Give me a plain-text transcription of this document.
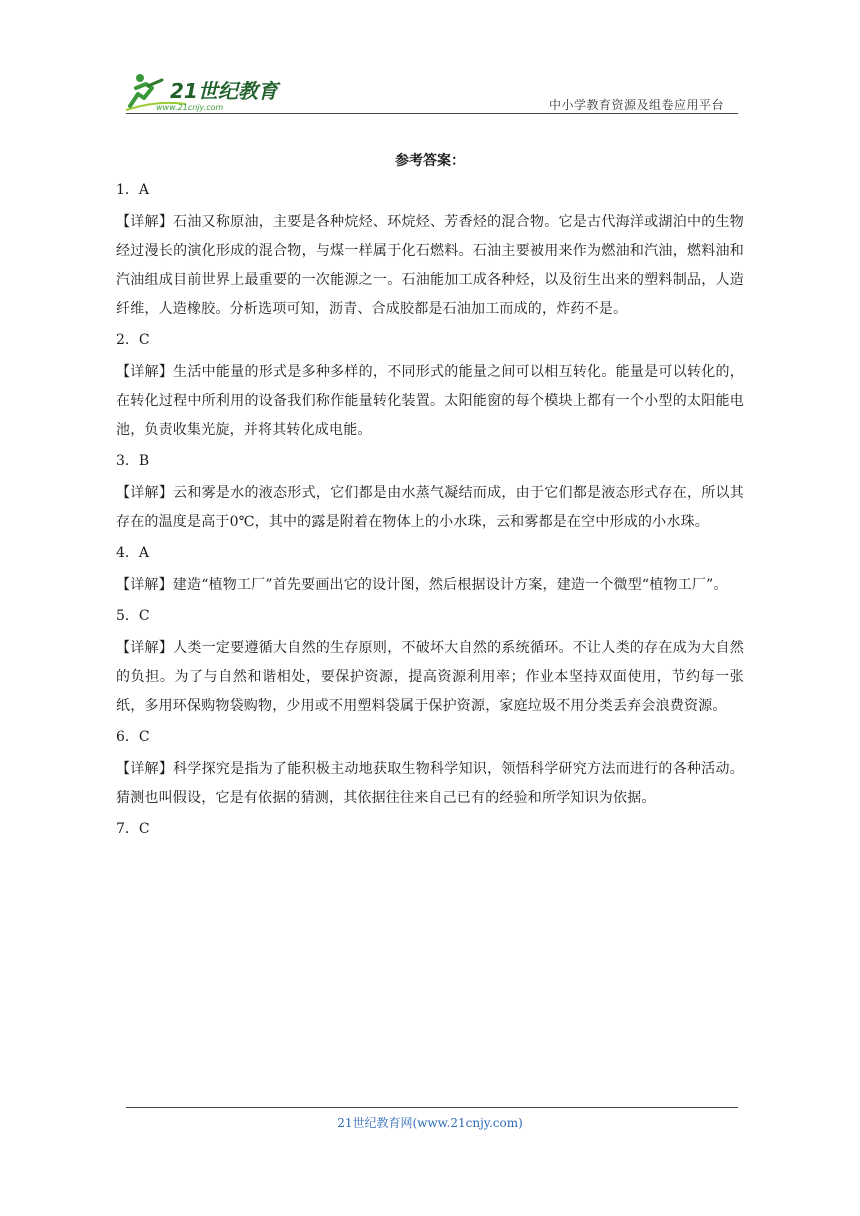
21世纪教育
www.21cnjy.com	中小学教育资源及组卷应用平台
参考答案：
1．A
【详解】石油又称原油，主要是各种烷烃、环烷烃、芳香烃的混合物。它是古代海洋或湖泊中的生物经过漫长的演化形成的混合物，与煤一样属于化石燃料。石油主要被用来作为燃油和汽油，燃料油和汽油组成目前世界上最重要的一次能源之一。石油能加工成各种烃，以及衍生出来的塑料制品，人造纤维，人造橡胶。分析选项可知，沥青、合成胶都是石油加工而成的，炸药不是。
2．C
【详解】生活中能量的形式是多种多样的，不同形式的能量之间可以相互转化。能量是可以转化的，在转化过程中所利用的设备我们称作能量转化装置。太阳能窗的每个模块上都有一个小型的太阳能电池，负责收集光旋，并将其转化成电能。
3．B
【详解】云和雾是水的液态形式，它们都是由水蒸气凝结而成，由于它们都是液态形式存在，所以其存在的温度是高于0℃，其中的露是附着在物体上的小水珠，云和雾都是在空中形成的小水珠。
4．A
【详解】建造“植物工厂”首先要画出它的设计图，然后根据设计方案，建造一个微型“植物工厂”。
5．C
【详解】人类一定要遵循大自然的生存原则，不破坏大自然的系统循环。不让人类的存在成为大自然的负担。为了与自然和谐相处，要保护资源，提高资源利用率；作业本坚持双面使用，节约每一张纸，多用环保购物袋购物，少用或不用塑料袋属于保护资源，家庭垃圾不用分类丢弃会浪费资源。
6．C
【详解】科学探究是指为了能积极主动地获取生物科学知识，领悟科学研究方法而进行的各种活动。猜测也叫假设，它是有依据的猜测，其依据往往来自己已有的经验和所学知识为依据。
7．C
21世纪教育网(www.21cnjy.com)
